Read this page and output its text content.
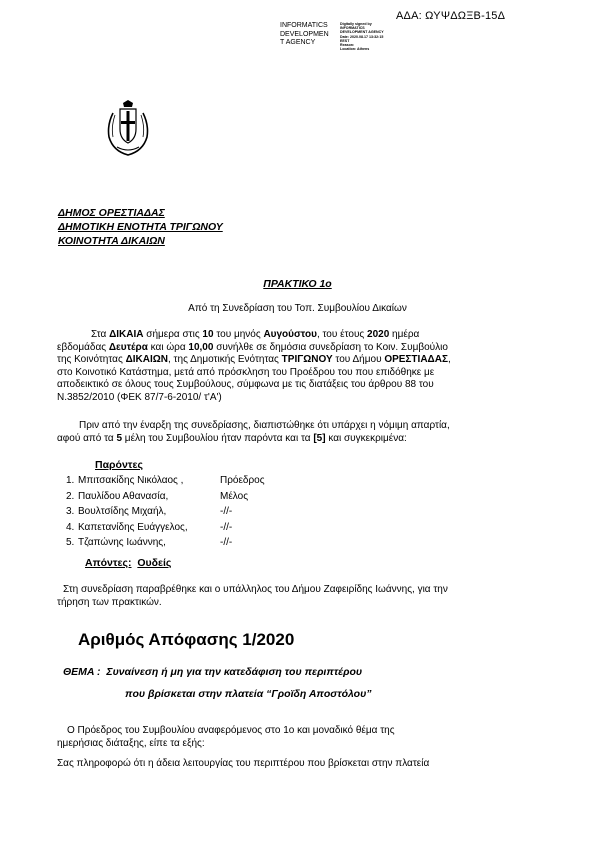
ΑΔΑ: ΩΥΨΔΩΞΒ-15Δ
INFORMATICS
DEVELOPMEN
T AGENCY
Digitally signed by
INFORMATICS
DEVELOPMENT AGENCY
Date: 2020.08.17 13:32:15
EEST
Reason:
Location: Athens
ΔΗΜΟΣ ΟΡΕΣΤΙΑΔΑΣ
ΔΗΜΟΤΙΚΗ ΕΝΟΤΗΤΑ ΤΡΙΓΩΝΟΥ
ΚΟΙΝΟΤΗΤΑ ΔΙΚΑΙΩΝ
ΠΡΑΚΤΙΚΟ 1ο
Από τη Συνεδρίαση του Τοπ. Συμβουλίου Δικαίων
Στα ΔΙΚΑΙΑ σήμερα στις 10 του μηνός Αυγούστου, του έτους 2020 ημέρα
εβδομάδας Δευτέρα και ώρα 10,00 συνήλθε σε δημόσια συνεδρίαση το Κοιν. Συμβούλιο
της Κοινότητας ΔΙΚΑΙΩΝ, της Δημοτικής Ενότητας ΤΡΙΓΩΝΟΥ του Δήμου ΟΡΕΣΤΙΑΔΑΣ,
στο Κοινοτικό Κατάστημα, μετά από πρόσκληση του Προέδρου του που επιδόθηκε με
αποδεικτικό σε όλους τους Συμβούλους, σύμφωνα με τις διατάξεις του άρθρου 88 του
Ν.3852/2010 (ΦΕΚ 87/7-6-2010/ τ'Α')
Πριν από την έναρξη της συνεδρίασης, διαπιστώθηκε ότι υπάρχει η νόμιμη απαρτία,
αφού από τα 5 μέλη του Συμβουλίου ήταν παρόντα και τα [5] και συγκεκριμένα:
Παρόντες
1. Μπιτσακίδης Νικόλαος ,	Πρόεδρος
2. Παυλίδου Αθανασία,	Μέλος
3. Βουλτσίδης Μιχαήλ,	-//-
4. Καπετανίδης Ευάγγελος,	-//-
5. Τζαπώνης Ιωάννης,	-//-
Απόντες: Ουδείς
Στη συνεδρίαση παραβρέθηκε και ο υπάλληλος του Δήμου Ζαφειρίδης Ιωάννης, για την
τήρηση των πρακτικών.
Αριθμός Απόφασης 1/2020
ΘΕΜΑ : Συναίνεση ή μη για την κατεδάφιση του περιπτέρου
που βρίσκεται στην πλατεία “Γροϊδη Αποστόλου”
Ο Πρόεδρος του Συμβουλίου αναφερόμενος στο 1ο και μοναδικό θέμα της
ημερήσιας διάταξης, είπε τα εξής:
Σας πληροφορώ ότι η άδεια λειτουργίας του περιπτέρου που βρίσκεται στην πλατεία
